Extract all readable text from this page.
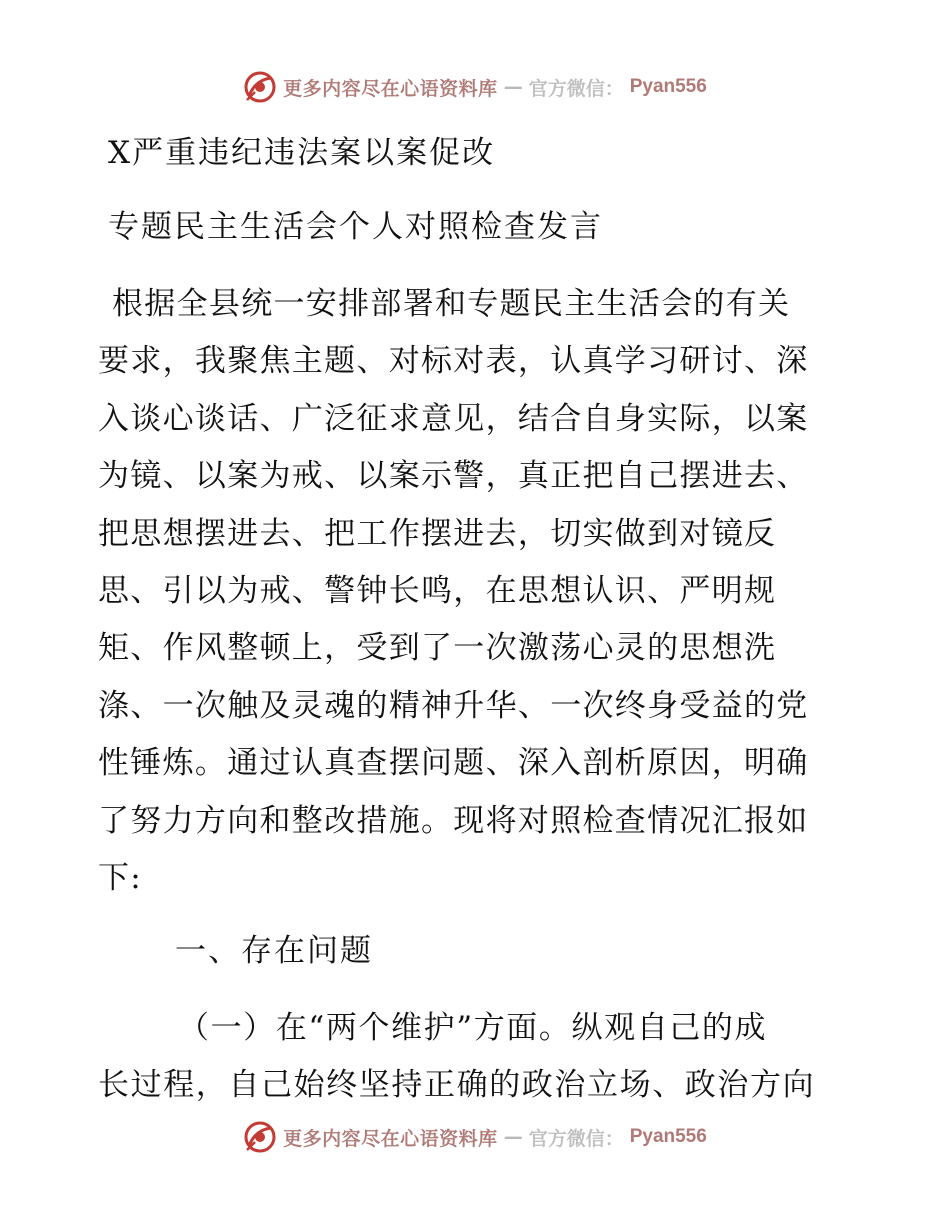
更多内容尽在心语资料库 — 官方微信： Pyan556
X严重违纪违法案以案促改
专题民主生活会个人对照检查发言
根据全县统一安排部署和专题民主生活会的有关
要求，我聚焦主题、对标对表，认真学习研讨、深
入谈心谈话、广泛征求意见，结合自身实际，以案
为镜、以案为戒、以案示警，真正把自己摆进去、
把思想摆进去、把工作摆进去，切实做到对镜反
思、引以为戒、警钟长鸣，在思想认识、严明规
矩、作风整顿上，受到了一次激荡心灵的思想洗
涤、一次触及灵魂的精神升华、一次终身受益的党
性锤炼。通过认真查摆问题、深入剖析原因，明确
了努力方向和整改措施。现将对照检查情况汇报如
下:
一、存在问题
（一）在“两个维护”方面。纵观自己的成
长过程，自己始终坚持正确的政治立场、政治方向
更多内容尽在心语资料库 — 官方微信： Pyan556
